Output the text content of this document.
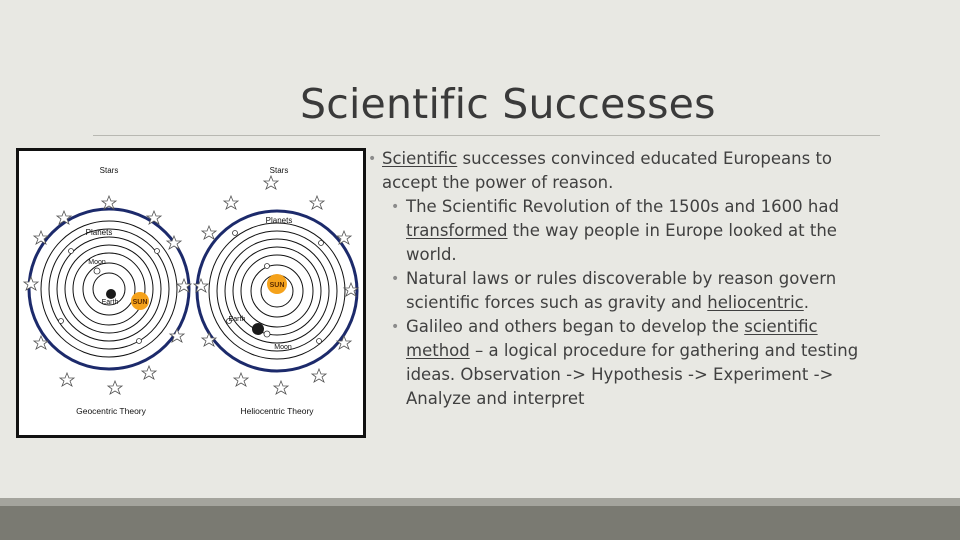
Scientific Successes
Stars
Planets
Moon
Earth SUN
Geocentric Theory
Stars
Planets
SUN
Earth
Moon
Heliocentric Theory
• Scientific successes convinced educated Europeans to accept the power of reason.
• The Scientific Revolution of the 1500s and 1600 had transformed the way people in Europe looked at the world.
• Natural laws or rules discoverable by reason govern scientific forces such as gravity and heliocentric.
• Galileo and others began to develop the scientific method – a logical procedure for gathering and testing ideas. Observation -> Hypothesis -> Experiment -> Analyze and interpret
